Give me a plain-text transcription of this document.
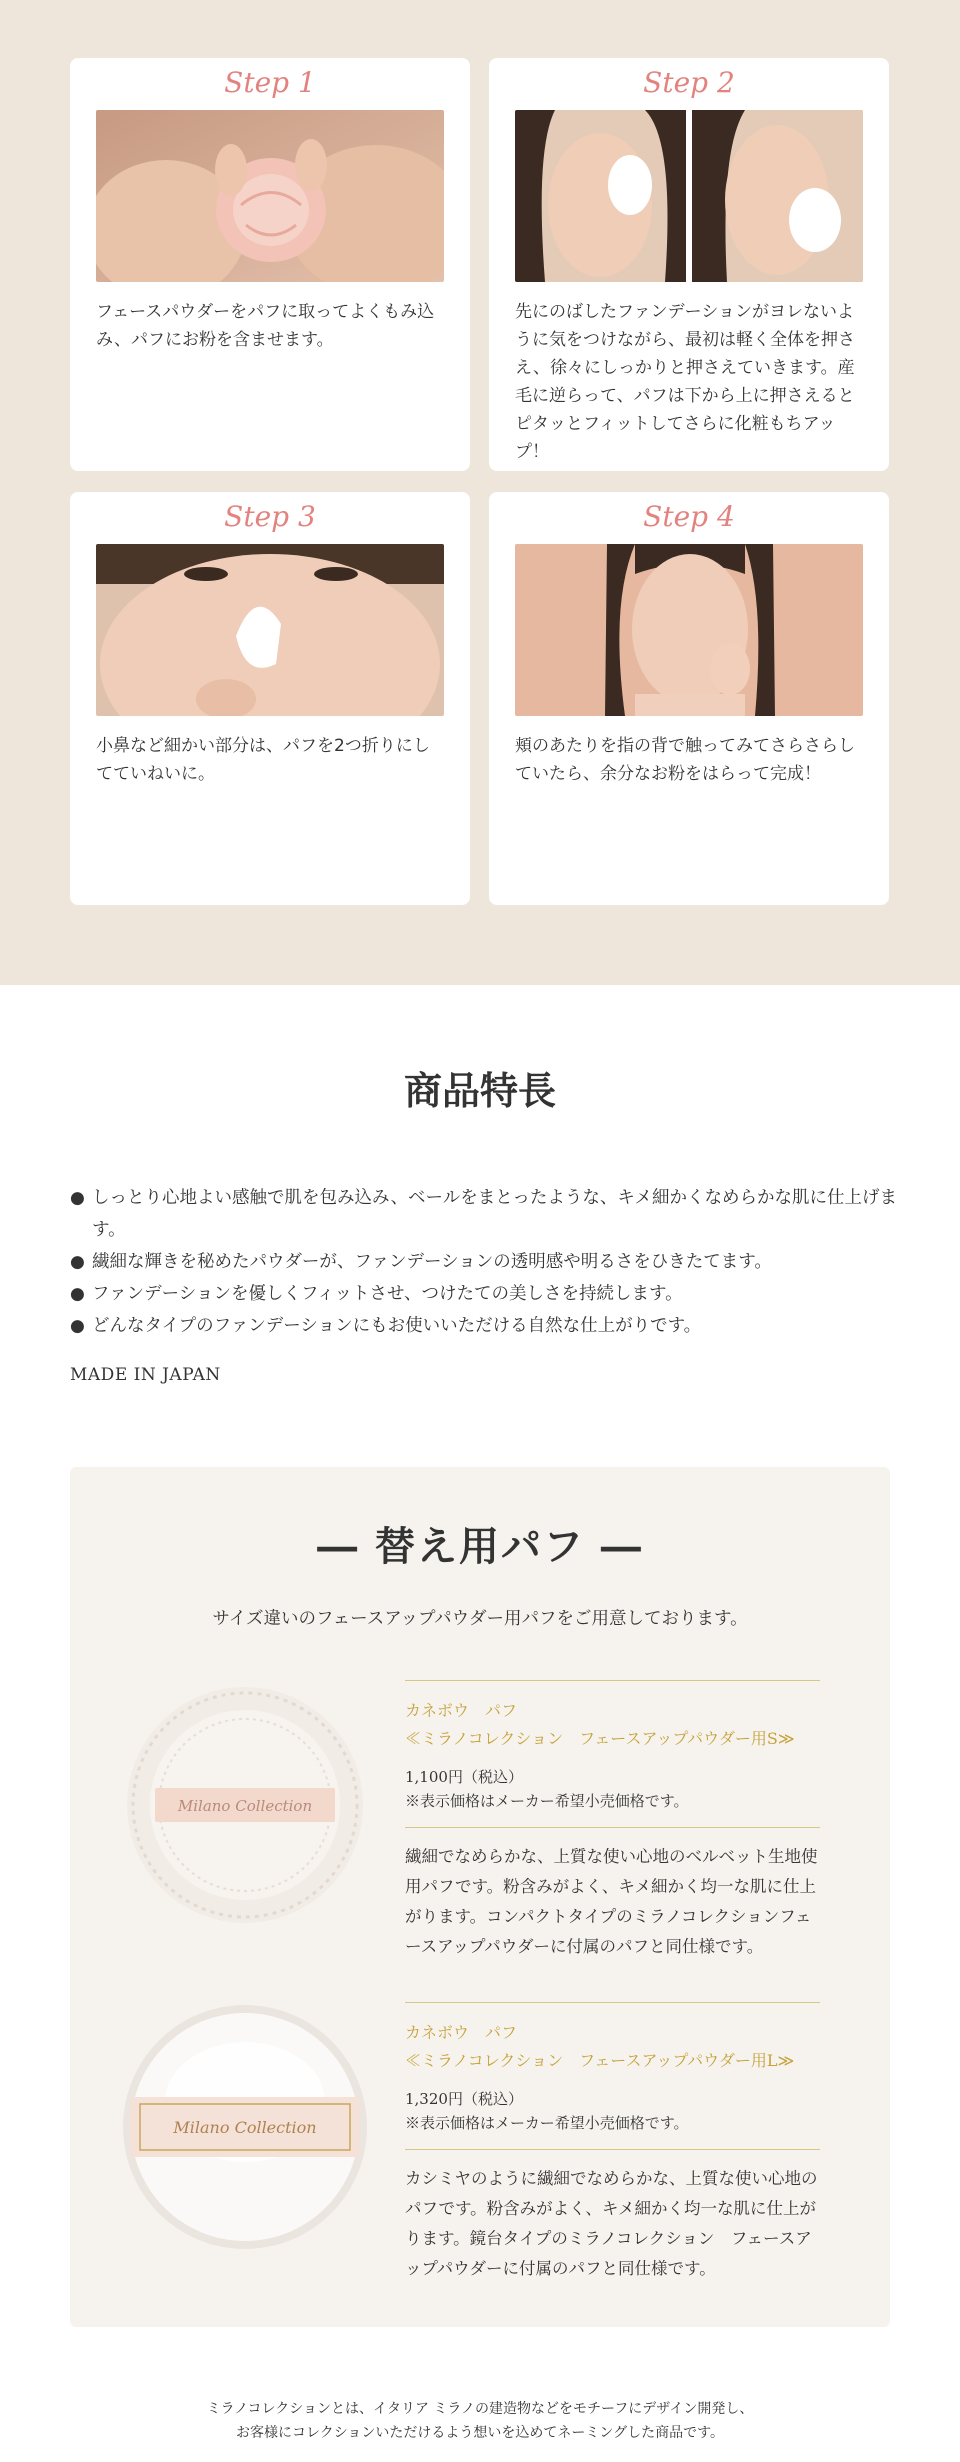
Step 1

フェースパウダーをパフに取ってよくもみ込み、パフにお粉を含ませます。

Step 2

先にのばしたファンデーションがヨレないように気をつけながら、最初は軽く全体を押さえ、徐々にしっかりと押さえていきます。産毛に逆らって、パフは下から上に押さえるとピタッとフィットしてさらに化粧もちアップ！

Step 3

小鼻など細かい部分は、パフを2つ折りにしてていねいに。

Step 4

頬のあたりを指の背で触ってみてさらさらしていたら、余分なお粉をはらって完成！

商品特長
● しっとり心地よい感触で肌を包み込み、ベールをまとったような、キメ細かくなめらかな肌に仕上げます。
● 繊細な輝きを秘めたパウダーが、ファンデーションの透明感や明るさをひきたてます。
● ファンデーションを優しくフィットさせ、つけたての美しさを持続します。
● どんなタイプのファンデーションにもお使いいただける自然な仕上がりです。
MADE IN JAPAN
― 替え用パフ ―

サイズ違いのフェースアップパウダー用パフをご用意しております。

Milano Collection
カネボウ　パフ
≪ミラノコレクション　フェースアップパウダー用S≫
1,100円（税込）
※表示価格はメーカー希望小売価格です。

繊細でなめらかな、上質な使い心地のベルベット生地使用パフです。粉含みがよく、キメ細かく均一な肌に仕上がります。コンパクトタイプのミラノコレクションフェースアップパウダーに付属のパフと同仕様です。

Milano Collection
カネボウ　パフ
≪ミラノコレクション　フェースアップパウダー用L≫
1,320円（税込）
※表示価格はメーカー希望小売価格です。

カシミヤのように繊細でなめらかな、上質な使い心地のパフです。粉含みがよく、キメ細かく均一な肌に仕上がります。鏡台タイプのミラノコレクション　フェースアップパウダーに付属のパフと同仕様です。

ミラノコレクションとは、イタリア ミラノの建造物などをモチーフにデザイン開発し、
お客様にコレクションいただけるよう想いを込めてネーミングした商品です。
